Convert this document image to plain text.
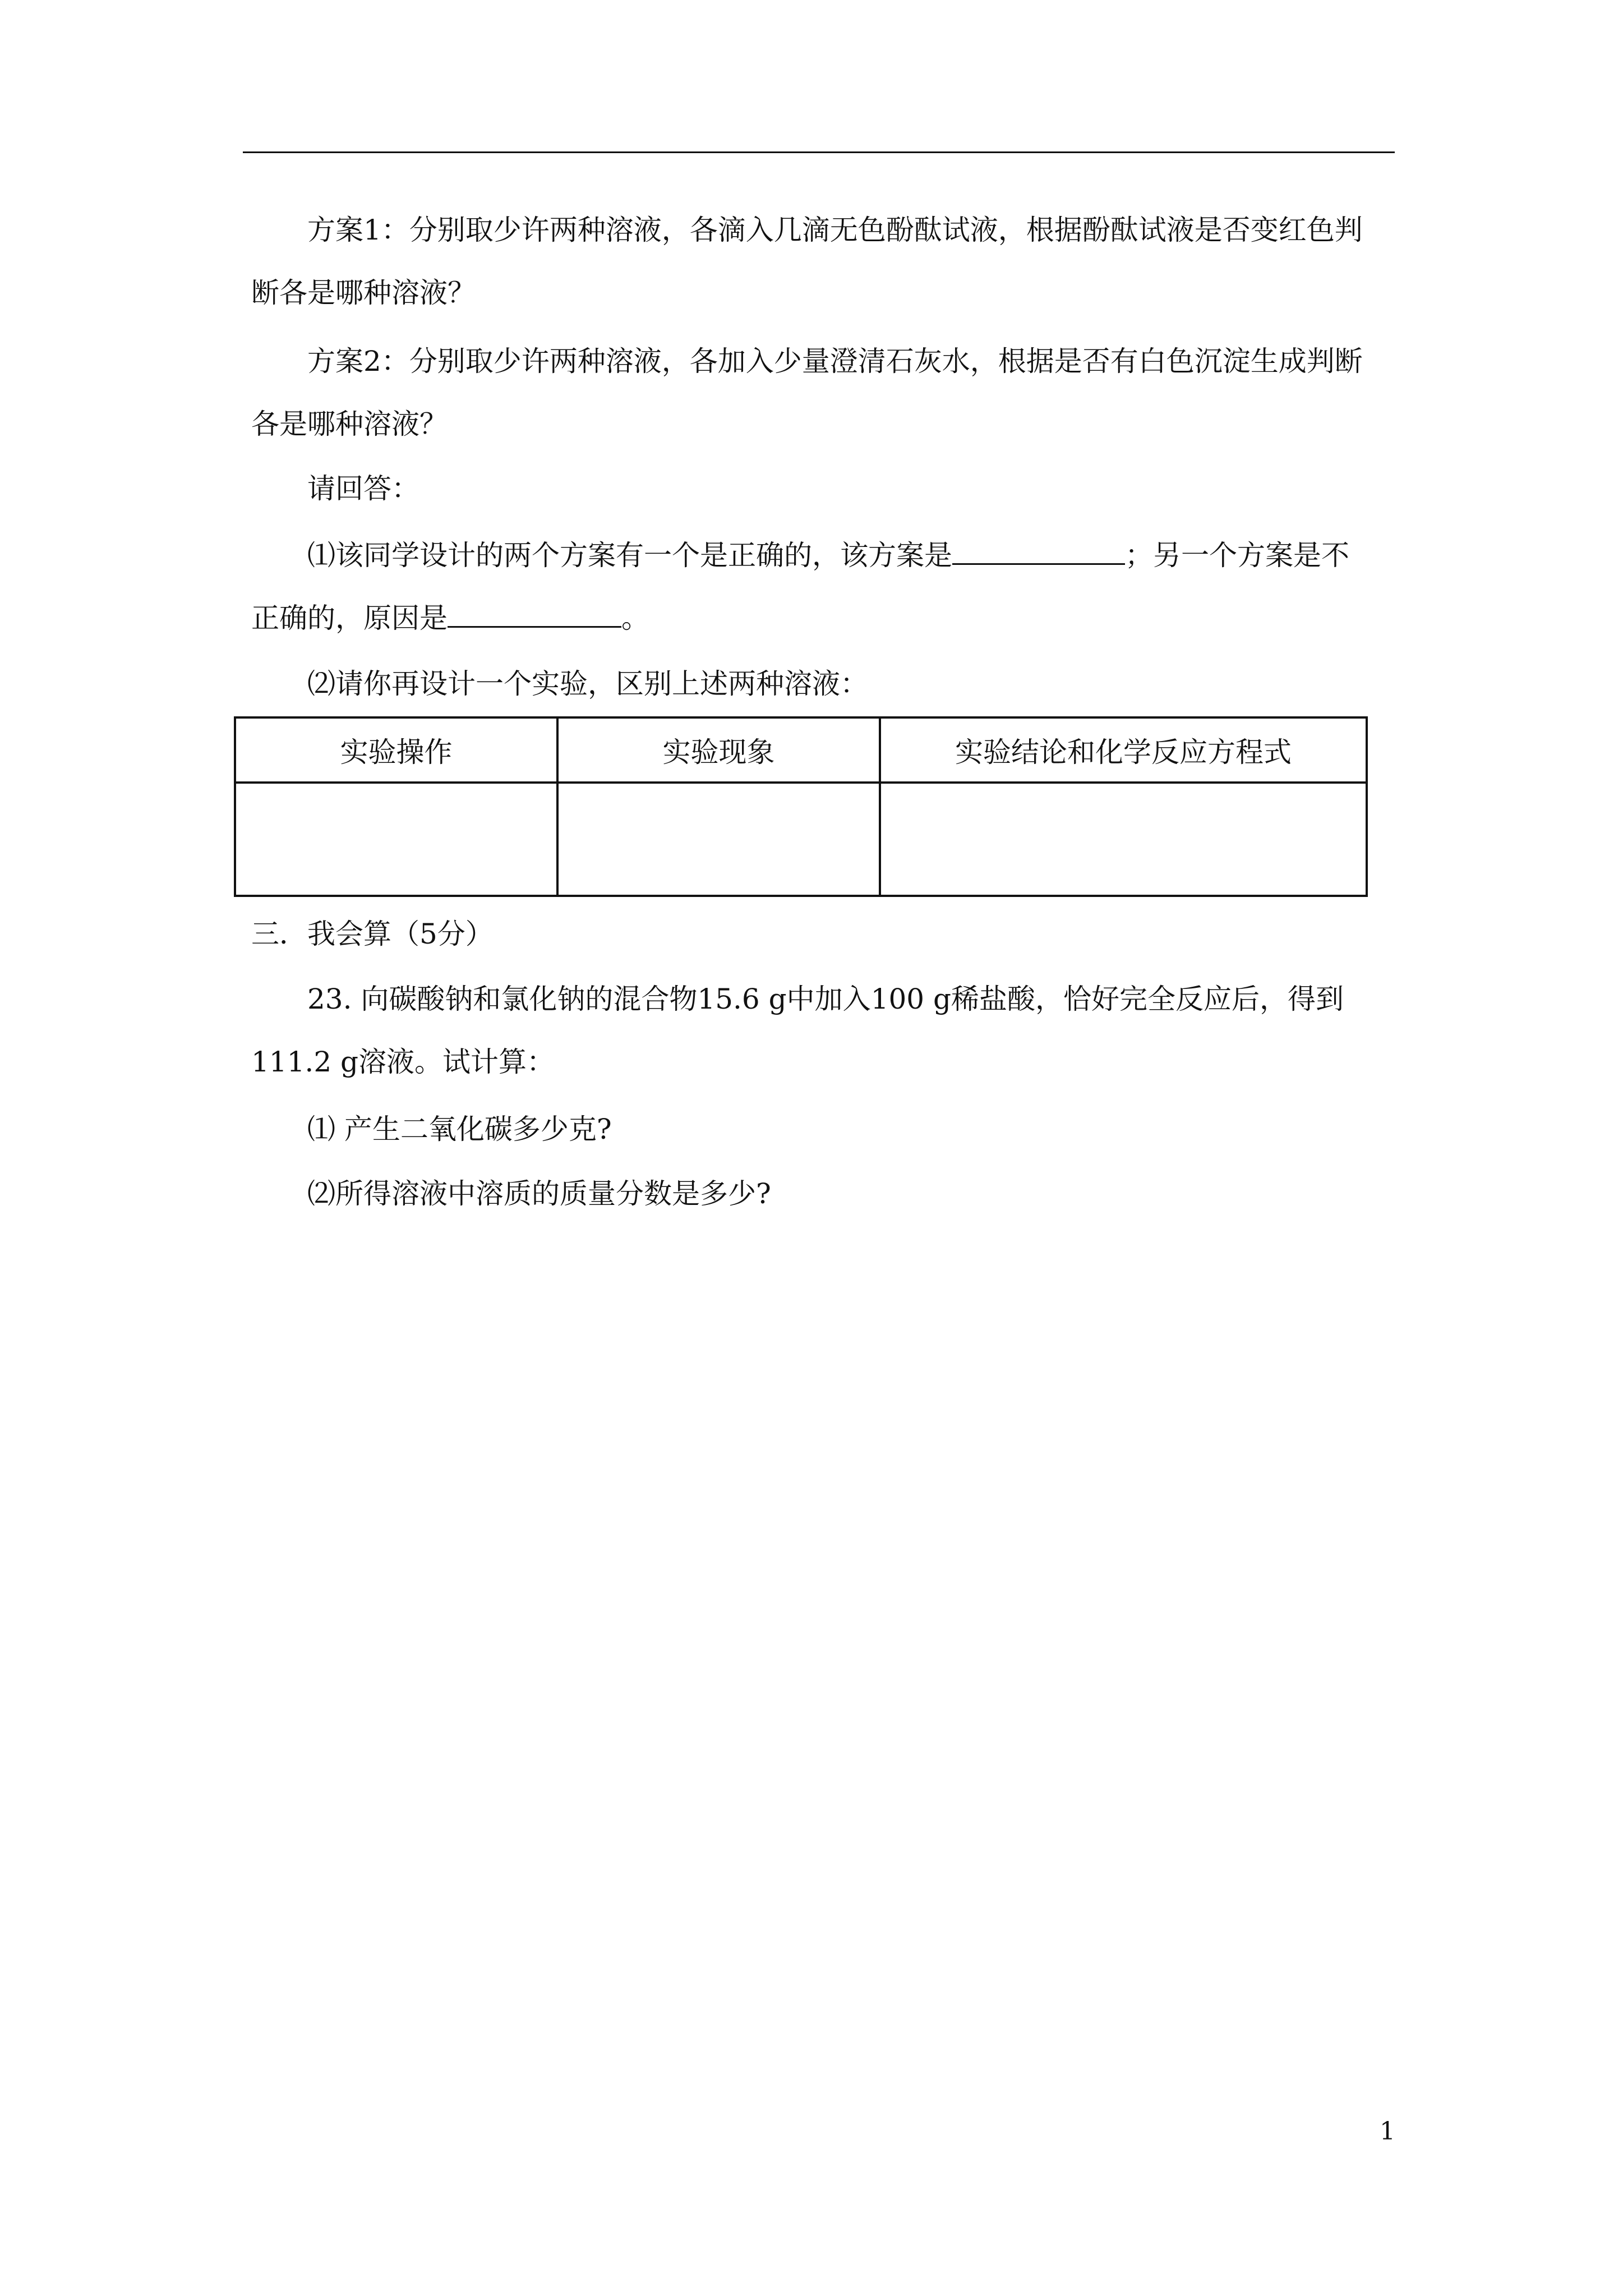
方案1：分别取少许两种溶液，各滴入几滴无色酚酞试液，根据酚酞试液是否变红色判
断各是哪种溶液？
方案2：分别取少许两种溶液，各加入少量澄清石灰水，根据是否有白色沉淀生成判断
各是哪种溶液？
请回答：
⑴该同学设计的两个方案有一个是正确的，该方案是	；另一个方案是不
正确的，原因是	。
⑵请你再设计一个实验，区别上述两种溶液：
实验操作	实验现象	实验结论和化学反应方程式

三．我会算（5分）
23. 向碳酸钠和氯化钠的混合物15.6 g中加入100 g稀盐酸，恰好完全反应后，得到
111.2 g溶液。试计算：
⑴ 产生二氧化碳多少克?
⑵所得溶液中溶质的质量分数是多少?
1
